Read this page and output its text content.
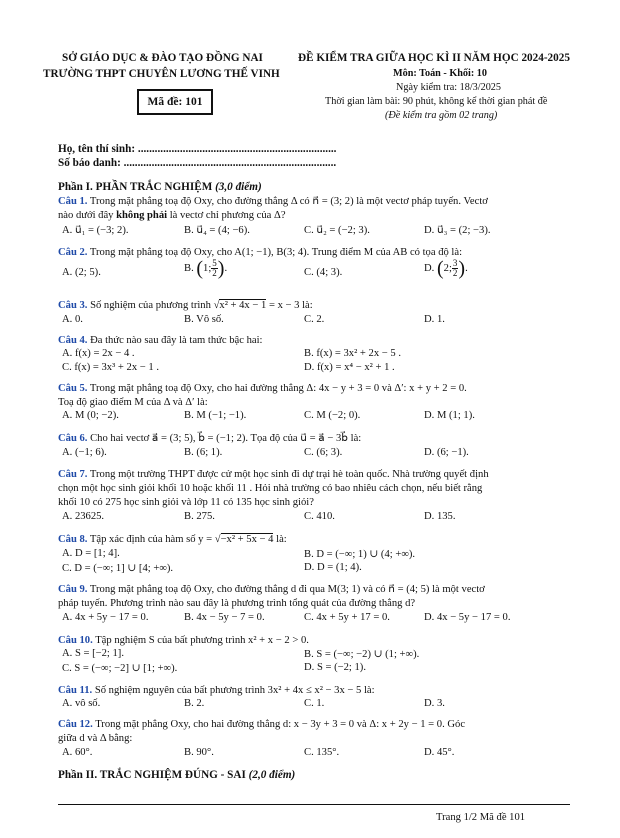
SỞ GIÁO DỤC & ĐÀO TẠO ĐỒNG NAI
TRƯỜNG THPT CHUYÊN LƯƠNG THẾ VINH
ĐỀ KIỂM TRA GIỮA HỌC KÌ II NĂM HỌC 2024-2025
Môn: Toán - Khối: 10
Ngày kiểm tra: 18/3/2025
Thời gian làm bài: 90 phút, không kể thời gian phát đề
(Đề kiểm tra gồm 02 trang)
Mã đề: 101
Họ, tên thí sinh: .......................................................................
Số báo danh: ............................................................................
Phần I. PHẦN TRẮC NGHIỆM (3,0 điểm)
Câu 1. Trong mặt phẳng toạ độ Oxy, cho đường thẳng Δ có n⃗ = (3; 2) là một vectơ pháp tuyến. Vectơ
nào dưới đây không phải là vectơ chỉ phương của Δ?
A. u⃗₁ = (−3; 2).	B. u⃗₄ = (4; −6).	C. u⃗₂ = (−2; 3).	D. u⃗₃ = (2; −3).
Câu 2. Trong mặt phẳng toạ độ Oxy, cho A(1; −1), B(3; 4). Trung điểm M của AB có tọa độ là:
A. (2; 5).	B. (1; $\frac{5}{2}$ ).	C. (4; 3).	D. (2; $\frac{3}{2}$ ).
Câu 3. Số nghiệm của phương trình √x² + 4x − 1 = x − 3 là:
A. 0.	B. Vô số.	C. 2.	D. 1.
Câu 4. Đa thức nào sau đây là tam thức bậc hai:
A. f(x) = 2x − 4 .	B. f(x) = 3x² + 2x − 5 .
C. f(x) = 3x³ + 2x − 1 .	D. f(x) = x⁴ − x² + 1 .
Câu 5. Trong mặt phẳng toạ độ Oxy, cho hai đường thẳng Δ: 4x − y + 3 = 0 và Δ′: x + y + 2 = 0.
Toạ độ giao điểm M của Δ và Δ′ là:
A. M (0; −2).	B. M (−1; −1).	C. M (−2; 0).	D. M (1; 1).
Câu 6. Cho hai vectơ a⃗ = (3; 5), b⃗ = (−1; 2). Tọa độ của u⃗ = a⃗ − 3b⃗ là:
A. (−1; 6).	B. (6; 1).	C. (6; 3).	D. (6; −1).
Câu 7. Trong một trường THPT được cử một học sinh đi dự trại hè toàn quốc. Nhà trường quyết định
chọn một học sinh giỏi khối 10 hoặc khối 11 . Hỏi nhà trường có bao nhiêu cách chọn, nếu biết rằng
khối 10 có 275 học sinh giỏi và lớp 11 có 135 học sinh giỏi?
A. 23625.	B. 275.	C. 410.	D. 135.
Câu 8. Tập xác định của hàm số y = √−x² + 5x − 4 là:
A. D = [1; 4].	B. D = (−∞; 1) ∪ (4; +∞).
C. D = (−∞; 1] ∪ [4; +∞).	D. D = (1; 4).
Câu 9. Trong mặt phẳng toạ độ Oxy, cho đường thẳng d đi qua M(3; 1) và có n⃗ = (4; 5) là một vectơ
pháp tuyến. Phương trình nào sau đây là phương trình tổng quát của đường thẳng d?
A. 4x + 5y − 17 = 0.	B. 4x − 5y − 7 = 0.	C. 4x + 5y + 17 = 0.	D. 4x − 5y − 17 = 0.
Câu 10. Tập nghiệm S của bất phương trình x² + x − 2 > 0.
A. S = [−2; 1].	B. S = (−∞; −2) ∪ (1; +∞).
C. S = (−∞; −2] ∪ [1; +∞).	D. S = (−2; 1).
Câu 11. Số nghiệm nguyên của bất phương trình 3x² + 4x ≤ x² − 3x − 5 là:
A. vô số.	B. 2.	C. 1.	D. 3.
Câu 12. Trong mặt phẳng Oxy, cho hai đường thẳng d: x − 3y + 3 = 0 và Δ: x + 2y − 1 = 0. Góc
giữa d và Δ bằng:
A. 60°.	B. 90°.	C. 135°.	D. 45°.
Phần II. TRẮC NGHIỆM ĐÚNG - SAI (2,0 điểm)
Trang 1/2 Mã đề 101
